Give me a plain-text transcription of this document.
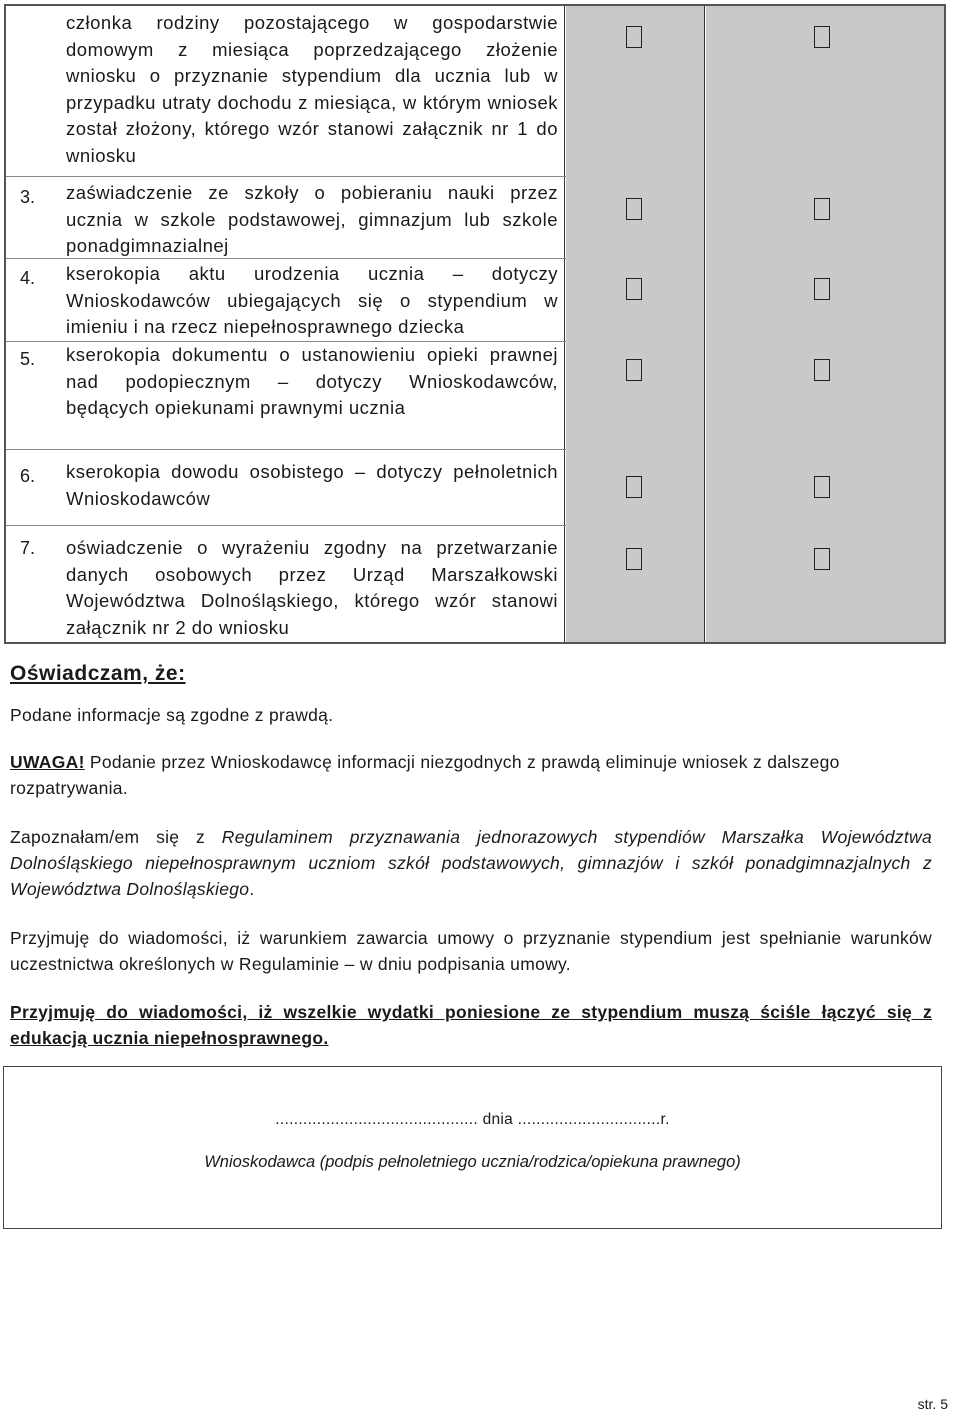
członka rodziny pozostającego w gospodarstwie domowym z miesiąca poprzedzającego złożenie wniosku o przyznanie stypendium dla ucznia lub w przypadku utraty dochodu z miesiąca, w którym wniosek został złożony, którego wzór stanowi załącznik nr 1 do wniosku
3. zaświadczenie ze szkoły o pobieraniu nauki przez ucznia w szkole podstawowej, gimnazjum lub szkole ponadgimnazialnej
4. kserokopia aktu urodzenia ucznia – dotyczy Wnioskodawców ubiegających się o stypendium w imieniu i na rzecz niepełnosprawnego dziecka
5. kserokopia dokumentu o ustanowieniu opieki prawnej nad podopiecznym – dotyczy Wnioskodawców, będących opiekunami prawnymi ucznia
6. kserokopia dowodu osobistego – dotyczy pełnoletnich Wnioskodawców
7. oświadczenie o wyrażeniu zgodny na przetwarzanie danych osobowych przez Urząd Marszałkowski Województwa Dolnośląskiego, którego wzór stanowi załącznik nr 2 do wniosku
Oświadczam, że:
Podane informacje są zgodne z prawdą.
UWAGA! Podanie przez Wnioskodawcę informacji niezgodnych z prawdą eliminuje wniosek z dalszego rozpatrywania.
Zapoznałam/em się z Regulaminem przyznawania jednorazowych stypendiów Marszałka Województwa Dolnośląskiego niepełnosprawnym uczniom szkół podstawowych, gimnazjów i szkół ponadgimnazjalnych z Województwa Dolnośląskiego.
Przyjmuję do wiadomości, iż warunkiem zawarcia umowy o przyznanie stypendium jest spełnianie warunków uczestnictwa określonych w Regulaminie – w dniu podpisania umowy.
Przyjmuję do wiadomości, iż wszelkie wydatki poniesione ze stypendium muszą ściśle łączyć się z edukacją ucznia niepełnosprawnego.
............................................ dnia ...............................r.
Wnioskodawca (podpis pełnoletniego ucznia/rodzica/opiekuna prawnego)
str. 5
